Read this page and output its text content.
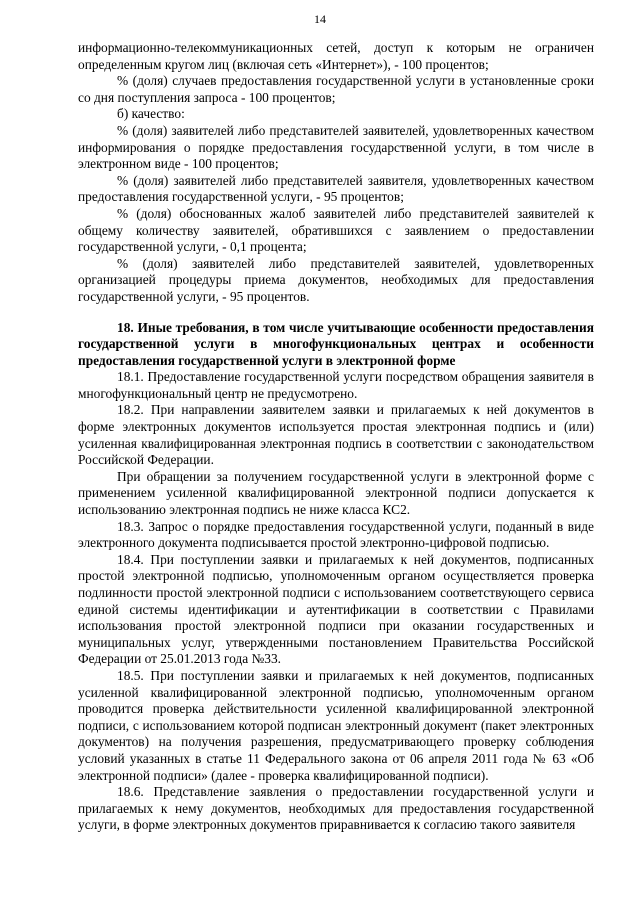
14

информационно-телекоммуникационных сетей, доступ к которым не ограничен определенным кругом лиц (включая сеть «Интернет»), - 100 процентов;

% (доля) случаев предоставления государственной услуги в установленные сроки со дня поступления запроса - 100 процентов;

б) качество:

% (доля) заявителей либо представителей заявителей, удовлетворенных качеством информирования о порядке предоставления государственной услуги, в том числе в электронном виде - 100 процентов;

% (доля) заявителей либо представителей заявителя, удовлетворенных качеством предоставления государственной услуги, - 95 процентов;

% (доля) обоснованных жалоб заявителей либо представителей заявителей к общему количеству заявителей, обратившихся с заявлением о предоставлении государственной услуги, - 0,1 процента;

% (доля) заявителей либо представителей заявителей, удовлетворенных организацией процедуры приема документов, необходимых для предоставления государственной услуги, - 95 процентов.

18. Иные требования, в том числе учитывающие особенности предоставления государственной услуги в многофункциональных центрах и особенности предоставления государственной услуги в электронной форме

18.1. Предоставление государственной услуги посредством обращения заявителя в многофункциональный центр не предусмотрено.

18.2. При направлении заявителем заявки и прилагаемых к ней документов в форме электронных документов используется простая электронная подпись и (или) усиленная квалифицированная электронная подпись в соответствии с законодательством Российской Федерации.

При обращении за получением государственной услуги в электронной форме с применением усиленной квалифицированной электронной подписи допускается к использованию электронная подпись не ниже класса КС2.

18.3. Запрос о порядке предоставления государственной услуги, поданный в виде электронного документа подписывается простой электронно-цифровой подписью.

18.4. При поступлении заявки и прилагаемых к ней документов, подписанных простой электронной подписью, уполномоченным органом осуществляется проверка подлинности простой электронной подписи с использованием соответствующего сервиса единой системы идентификации и аутентификации в соответствии с Правилами использования простой электронной подписи при оказании государственных и муниципальных услуг, утвержденными постановлением Правительства Российской Федерации от 25.01.2013 года №33.

18.5. При поступлении заявки и прилагаемых к ней документов, подписанных усиленной квалифицированной электронной подписью, уполномоченным органом проводится проверка действительности усиленной квалифицированной электронной подписи, с использованием которой подписан электронный документ (пакет электронных документов) на получения разрешения, предусматривающего проверку соблюдения условий указанных в статье 11 Федерального закона от 06 апреля 2011 года № 63 «Об электронной подписи» (далее - проверка квалифицированной подписи).

18.6. Представление заявления о предоставлении государственной услуги и прилагаемых к нему документов, необходимых для предоставления государственной услуги, в форме электронных документов приравнивается к согласию такого заявителя
